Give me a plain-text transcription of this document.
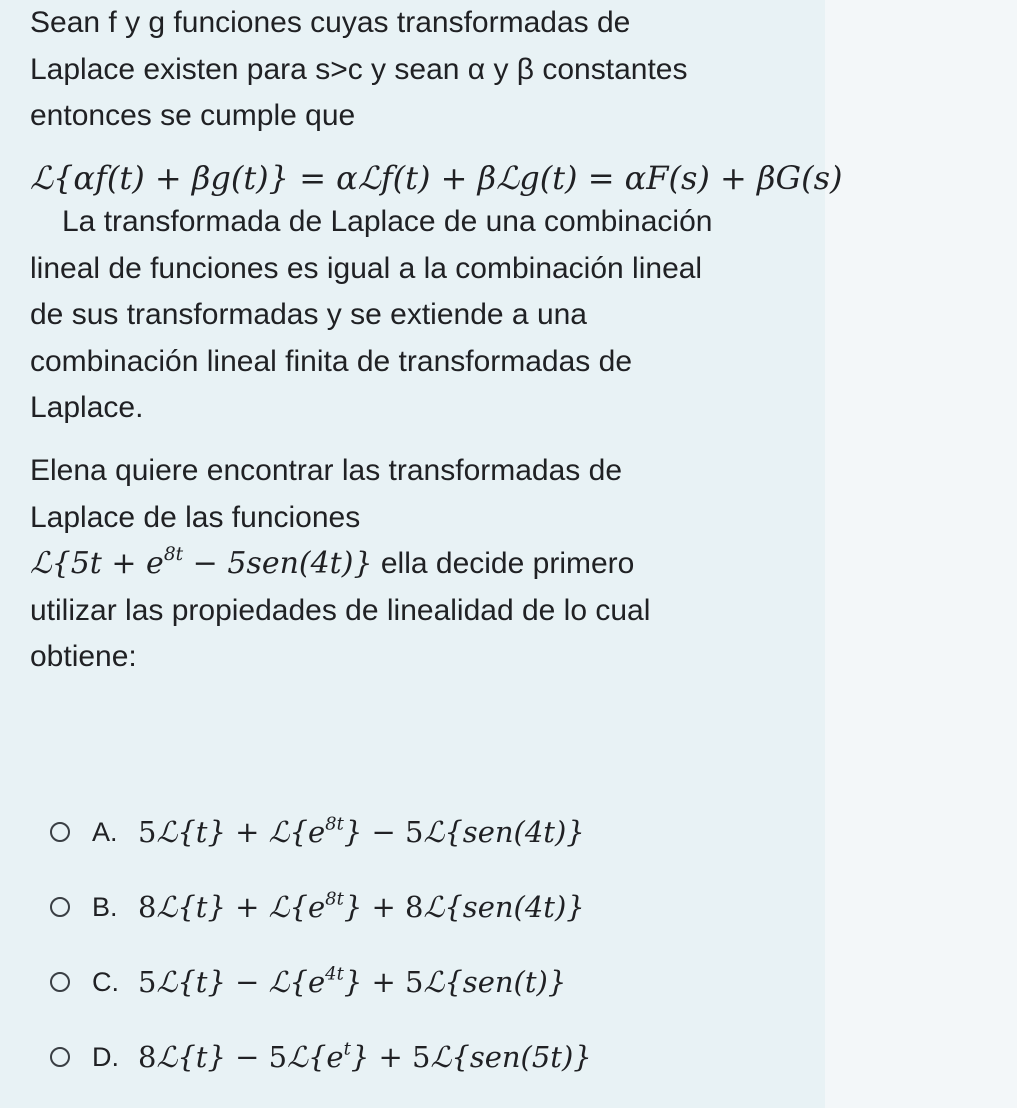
Sean f y g funciones cuyas transformadas de
Laplace existen para s>c y sean α y β constantes
entonces se cumple que

ℒ{αf(t) + βg(t)} = αℒf(t) + βℒg(t) = αF(s) + βG(s)

La transformada de Laplace de una combinación
lineal de funciones es igual a la combinación lineal
de sus transformadas y se extiende a una
combinación lineal finita de transformadas de
Laplace.

Elena quiere encontrar las transformadas de
Laplace de las funciones
ℒ{5t + $e^{8t} - 5sen(4t)$} ella decide primero
utilizar las propiedades de linealidad de lo cual
obtiene:

A. 5ℒ{t} + $ℒ\{e^{8t}\}$ − 5ℒ{sen(4t)}
B. 8ℒ{t} + $ℒ\{e^{8t}\}$ + 8ℒ{sen(4t)}
C. 5ℒ{t} − $ℒ\{e^{4t}\}$ + 5ℒ{sen(t)}
D. 8ℒ{t} − $5ℒ\{e^t\}$ + 5ℒ{sen(5t)}
